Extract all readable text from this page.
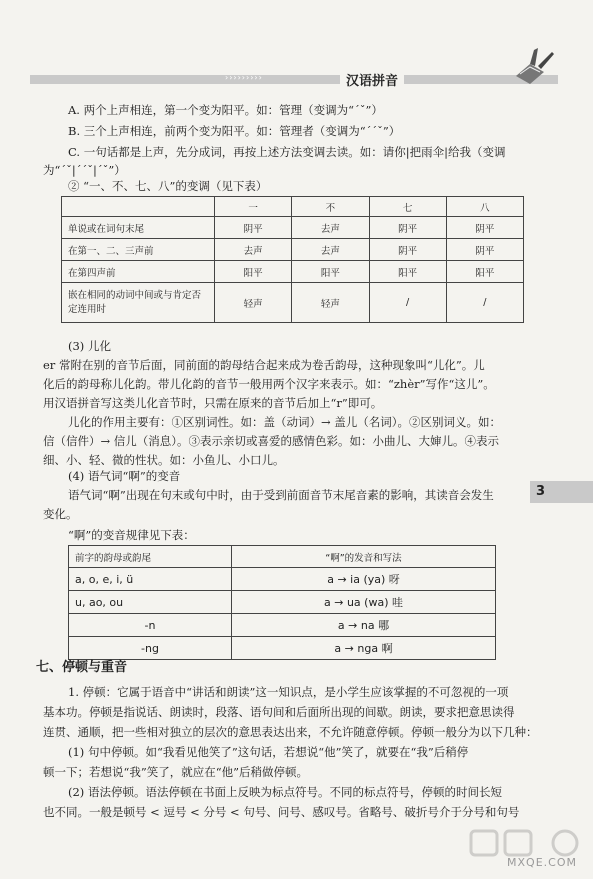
›››››››››	汉语拼音
A. 两个上声相连，第一个变为阳平。如：管理（变调为“ˊˇ”）
B. 三个上声相连，前两个变为阳平。如：管理者（变调为“ˊˊˇ”）
C. 一句话都是上声，先分成词，再按上述方法变调去读。如：请你|把雨伞|给我（变调
为“ˊˇ|ˊˊˇ|ˊˇ”）
② “一、不、七、八”的变调（见下表）
	一	不	七	八
单说或在词句末尾	阴平	去声	阴平	阴平
在第一、二、三声前	去声	去声	阴平	阴平
在第四声前	阳平	阳平	阳平	阳平
嵌在相同的动词中间或与肯定否定连用时	轻声	轻声	/	/
(3) 儿化
er 常附在别的音节后面，同前面的韵母结合起来成为卷舌韵母，这种现象叫“儿化”。儿
化后的韵母称儿化韵。带儿化韵的音节一般用两个汉字来表示。如：“zhèr”写作“这儿”。
用汉语拼音写这类儿化音节时，只需在原来的音节后加上“r”即可。
儿化的作用主要有：①区别词性。如：盖（动词）→ 盖儿（名词）。②区别词义。如：
信（信件）→ 信儿（消息）。③表示亲切或喜爱的感情色彩。如：小曲儿、大婶儿。④表示
细、小、轻、微的性状。如：小鱼儿、小口儿。
(4) 语气词“啊”的变音
语气词“啊”出现在句末或句中时，由于受到前面音节末尾音素的影响，其读音会发生
变化。
“啊”的变音规律见下表：
3
前字的韵母或韵尾	“啊”的发音和写法
a, o, e, i, ü	a → ia (ya) 呀
u, ao, ou	a → ua (wa) 哇
-n	a → na 哪
-ng	a → nga 啊
七、停顿与重音
1. 停顿：它属于语音中“讲话和朗读”这一知识点，是小学生应该掌握的不可忽视的一项
基本功。停顿是指说话、朗读时，段落、语句间和后面所出现的间歇。朗读，要求把意思读得
连贯、通顺，把一些相对独立的层次的意思表达出来，不允许随意停顿。停顿一般分为以下几种：
(1) 句中停顿。如“我看见他笑了”这句话，若想说“他”笑了，就要在“我”后稍停
顿一下；若想说“我”笑了，就应在“他”后稍做停顿。
(2) 语法停顿。语法停顿在书面上反映为标点符号。不同的标点符号，停顿的时间长短
也不同。一般是顿号 < 逗号 < 分号 < 句号、问号、感叹号。省略号、破折号介于分号和句号
MXQE.COM
